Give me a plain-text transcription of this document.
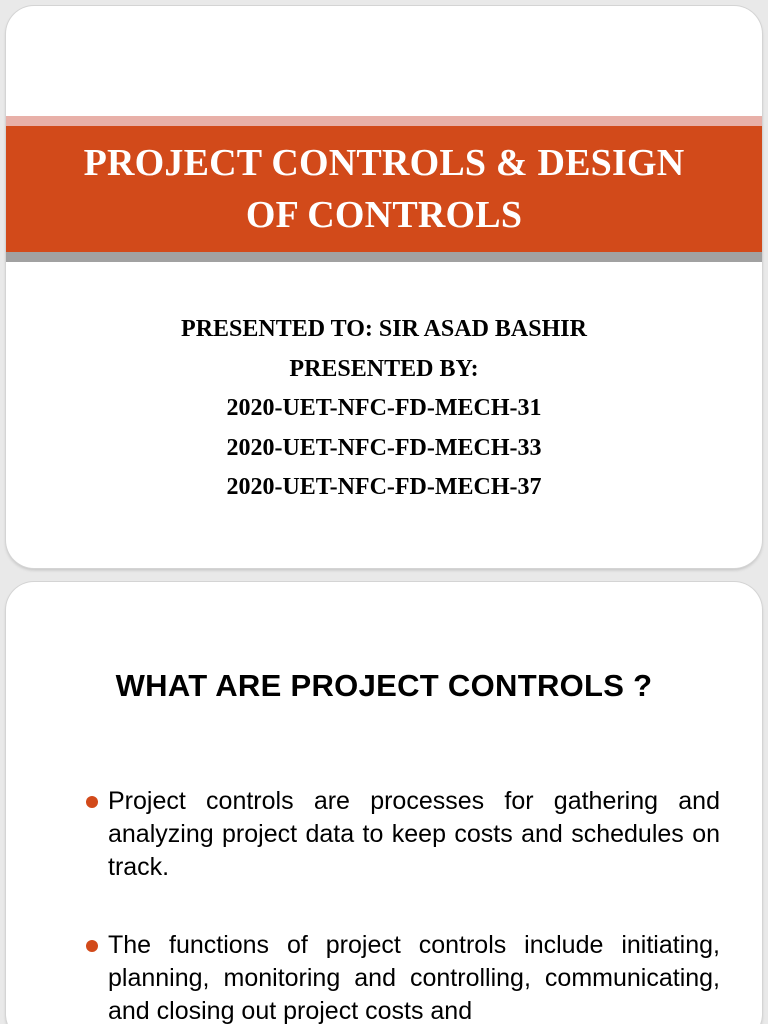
PROJECT CONTROLS & DESIGN
OF CONTROLS
PRESENTED TO: SIR ASAD BASHIR
PRESENTED BY:
2020-UET-NFC-FD-MECH-31
2020-UET-NFC-FD-MECH-33
2020-UET-NFC-FD-MECH-37
WHAT ARE PROJECT CONTROLS ?
Project controls are processes for gathering and analyzing project data to keep costs and schedules on track.
The functions of project controls include initiating, planning, monitoring and controlling, communicating, and closing out project costs and
